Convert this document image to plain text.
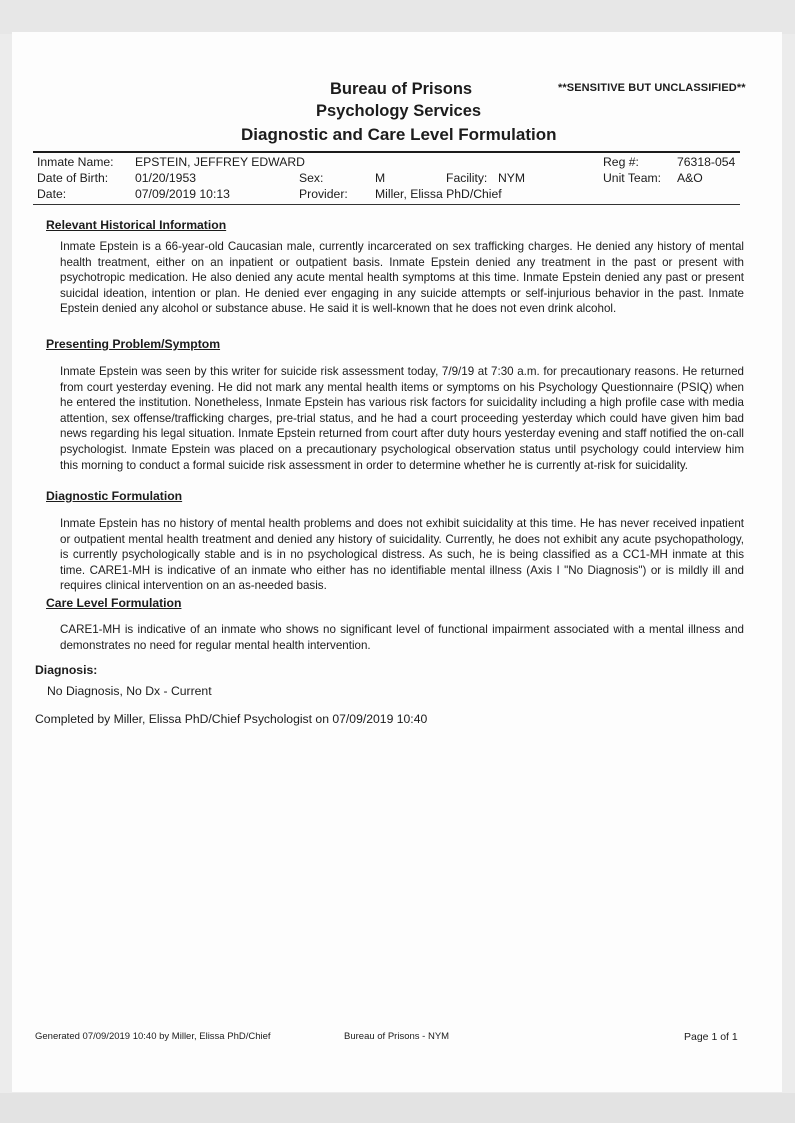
Bureau of Prisons
Psychology Services
Diagnostic and Care Level Formulation
**SENSITIVE BUT UNCLASSIFIED**
Inmate Name: EPSTEIN, JEFFREY EDWARD
Date of Birth: 01/20/1953
Date:	07/09/2019 10:13
Sex:	M	Facility: NYM
Provider: Miller, Elissa PhD/Chief
Reg #:	76318-054
Unit Team: A&O
Relevant Historical Information
Inmate Epstein is a 66-year-old Caucasian male, currently incarcerated on sex trafficking charges. He denied any history of mental health treatment, either on an inpatient or outpatient basis. Inmate Epstein denied any treatment in the past or present with psychotropic medication. He also denied any acute mental health symptoms at this time. Inmate Epstein denied any past or present suicidal ideation, intention or plan. He denied ever engaging in any suicide attempts or self-injurious behavior in the past. Inmate Epstein denied any alcohol or substance abuse. He said it is well-known that he does not even drink alcohol.
Presenting Problem/Symptom
Inmate Epstein was seen by this writer for suicide risk assessment today, 7/9/19 at 7:30 a.m. for precautionary reasons. He returned from court yesterday evening. He did not mark any mental health items or symptoms on his Psychology Questionnaire (PSIQ) when he entered the institution. Nonetheless, Inmate Epstein has various risk factors for suicidality including a high profile case with media attention, sex offense/trafficking charges, pre-trial status, and he had a court proceeding yesterday which could have given him bad news regarding his legal situation. Inmate Epstein returned from court after duty hours yesterday evening and staff notified the on-call psychologist. Inmate Epstein was placed on a precautionary psychological observation status until psychology could interview him this morning to conduct a formal suicide risk assessment in order to determine whether he is currently at-risk for suicidality.
Diagnostic Formulation
Inmate Epstein has no history of mental health problems and does not exhibit suicidality at this time. He has never received inpatient or outpatient mental health treatment and denied any history of suicidality. Currently, he does not exhibit any acute psychopathology, is currently psychologically stable and is in no psychological distress. As such, he is being classified as a CC1-MH inmate at this time. CARE1-MH is indicative of an inmate who either has no identifiable mental illness (Axis I "No Diagnosis") or is mildly ill and requires clinical intervention on an as-needed basis.
Care Level Formulation
CARE1-MH is indicative of an inmate who shows no significant level of functional impairment associated with a mental illness and demonstrates no need for regular mental health intervention.
Diagnosis:
No Diagnosis, No Dx - Current
Completed by Miller, Elissa PhD/Chief Psychologist on 07/09/2019 10:40
Generated 07/09/2019 10:40 by Miller, Elissa PhD/Chief	Bureau of Prisons - NYM	Page 1 of 1
